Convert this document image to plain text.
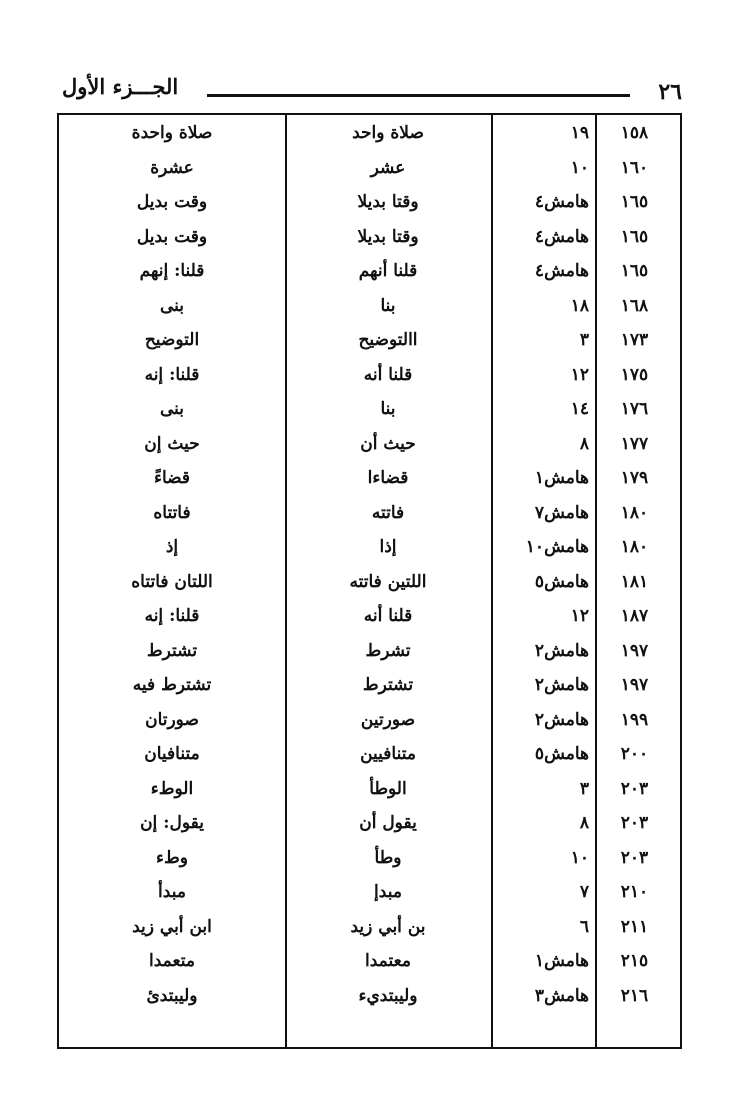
٢٦
الجـــزء الأول
١٥٨
١٩
صلاة واحد
صلاة واحدة
١٦٠
١٠
عشر
عشرة
١٦٥
هامش٤
وقتا بديلا
وقت بديل
١٦٥
هامش٤
وقتا بديلا
وقت بديل
١٦٥
هامش٤
قلنا أنهم
قلنا: إنهم
١٦٨
١٨
بنا
بنى
١٧٣
٣
االتوضيح
التوضيح
١٧٥
١٢
قلنا أنه
قلنا: إنه
١٧٦
١٤
بنا
بنى
١٧٧
٨
حيث أن
حيث إن
١٧٩
هامش١
قضاءا
قضاءً
١٨٠
هامش٧
فاتته
فاتتاه
١٨٠
هامش١٠
إذا
إذ
١٨١
هامش٥
اللتين فاتته
اللتان فاتتاه
١٨٧
١٢
قلنا أنه
قلنا: إنه
١٩٧
هامش٢
تشرط
تشترط
١٩٧
هامش٢
تشترط
تشترط فيه
١٩٩
هامش٢
صورتين
صورتان
٢٠٠
هامش٥
متنافيين
متنافيان
٢٠٣
٣
الوطأ
الوطء
٢٠٣
٨
يقول أن
يقول: إن
٢٠٣
١٠
وطأ
وطء
٢١٠
٧
مبدإ
مبدأ
٢١١
٦
بن أبي زيد
ابن أبي زيد
٢١٥
هامش١
معتمدا
متعمدا
٢١٦
هامش٣
وليبتديء
وليبتدئ
